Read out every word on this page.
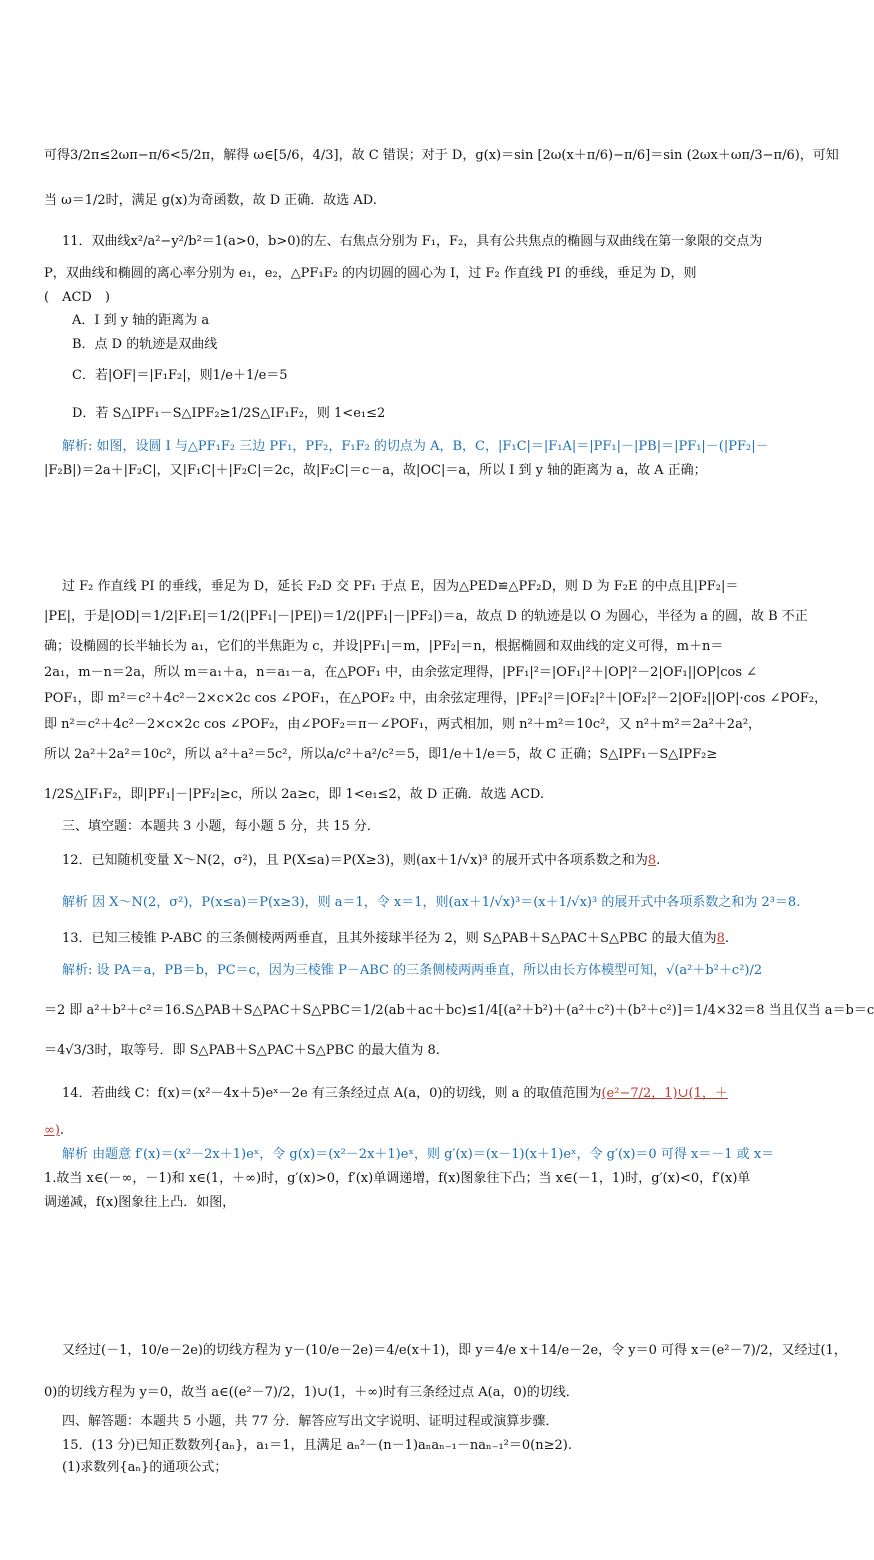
可得3/2π≤2ωπ−π/6<5/2π，解得 ω∈[5/6，4/3]，故 C 错误；对于 D，g(x)＝sin [2ω(x＋π/6)−π/6]＝sin (2ωx＋ωπ/3−π/6)，可知
当 ω＝1/2时，满足 g(x)为奇函数，故 D 正确．故选 AD.
11．双曲线x²/a²−y²/b²＝1(a>0，b>0)的左、右焦点分别为 F₁，F₂，具有公共焦点的椭圆与双曲线在第一象限的交点为
P，双曲线和椭圆的离心率分别为 e₁，e₂，△PF₁F₂ 的内切圆的圆心为 I，过 F₂ 作直线 PI 的垂线，垂足为 D，则
(　ACD　)
A．I 到 y 轴的距离为 a
B．点 D 的轨迹是双曲线
C．若|OF|＝|F₁F₂|，则1/e＋1/e＝5
D．若 S△IPF₁－S△IPF₂≥1/2S△IF₁F₂，则 1<e₁≤2
解析: 如图，设圆 I 与△PF₁F₂ 三边 PF₁，PF₂，F₁F₂ 的切点为 A，B，C，|F₁C|＝|F₁A|＝|PF₁|－|PB|＝|PF₁|－(|PF₂|－
|F₂B|)＝2a＋|F₂C|，又|F₁C|＋|F₂C|＝2c，故|F₂C|＝c－a，故|OC|＝a，所以 I 到 y 轴的距离为 a，故 A 正确；
过 F₂ 作直线 PI 的垂线，垂足为 D，延长 F₂D 交 PF₁ 于点 E，因为△PED≌△PF₂D，则 D 为 F₂E 的中点且|PF₂|＝
|PE|，于是|OD|＝1/2|F₁E|＝1/2(|PF₁|－|PE|)＝1/2(|PF₁|－|PF₂|)＝a，故点 D 的轨迹是以 O 为圆心，半径为 a 的圆，故 B 不正
确；设椭圆的长半轴长为 a₁，它们的半焦距为 c，并设|PF₁|＝m，|PF₂|＝n，根据椭圆和双曲线的定义可得，m＋n＝
2a₁，m－n＝2a，所以 m＝a₁＋a，n＝a₁－a，在△POF₁ 中，由余弦定理得，|PF₁|²＝|OF₁|²＋|OP|²－2|OF₁||OP|cos ∠
POF₁，即 m²＝c²＋4c²－2×c×2c cos ∠POF₁，在△POF₂ 中，由余弦定理得，|PF₂|²＝|OF₂|²＋|OF₂|²－2|OF₂||OP|·cos ∠POF₂，
即 n²＝c²＋4c²－2×c×2c cos ∠POF₂，由∠POF₂＝π－∠POF₁，两式相加，则 n²＋m²＝10c²，又 n²＋m²＝2a²＋2a²，
所以 2a²＋2a²＝10c²，所以 a²＋a²＝5c²，所以a/c²＋a²/c²＝5，即1/e＋1/e＝5，故 C 正确；S△IPF₁－S△IPF₂≥
1/2S△IF₁F₂，即|PF₁|－|PF₂|≥c，所以 2a≥c，即 1<e₁≤2，故 D 正确．故选 ACD.
三、填空题：本题共 3 小题，每小题 5 分，共 15 分．
12．已知随机变量 X～N(2，σ²)，且 P(X≤a)＝P(X≥3)，则(ax＋1/√x)³ 的展开式中各项系数之和为8.
解析 因 X～N(2，σ²)，P(x≤a)＝P(x≥3)，则 a＝1，令 x＝1，则(ax＋1/√x)³＝(x＋1/√x)³ 的展开式中各项系数之和为 2³＝8.
13．已知三棱锥 P-ABC 的三条侧棱两两垂直，且其外接球半径为 2，则 S△PAB＋S△PAC＋S△PBC 的最大值为8.
解析: 设 PA＝a，PB＝b，PC＝c，因为三棱锥 P－ABC 的三条侧棱两两垂直，所以由长方体模型可知，√(a²＋b²＋c²)/2
＝2 即 a²＋b²＋c²＝16.S△PAB＋S△PAC＋S△PBC＝1/2(ab＋ac＋bc)≤1/4[(a²＋b²)＋(a²＋c²)＋(b²＋c²)]＝1/4×32＝8 当且仅当 a＝b＝c
＝4√3/3时，取等号．即 S△PAB＋S△PAC＋S△PBC 的最大值为 8.
14．若曲线 C：f(x)＝(x²－4x＋5)eˣ－2e 有三条经过点 A(a，0)的切线，则 a 的取值范围为(e²−7/2，1)∪(1，＋
∞).
解析 由题意 f′(x)＝(x²－2x＋1)eˣ，令 g(x)＝(x²－2x＋1)eˣ，则 g′(x)＝(x－1)(x＋1)eˣ，令 g′(x)＝0 可得 x＝－1 或 x＝
1.故当 x∈(－∞，－1)和 x∈(1，＋∞)时，g′(x)>0，f′(x)单调递增，f(x)图象往下凸；当 x∈(－1，1)时，g′(x)<0，f′(x)单
调递减，f(x)图象往上凸．如图，
又经过(－1，10/e－2e)的切线方程为 y－(10/e－2e)＝4/e(x＋1)，即 y＝4/e x＋14/e－2e，令 y＝0 可得 x＝(e²－7)/2，又经过(1，
0)的切线方程为 y＝0，故当 a∈((e²－7)/2，1)∪(1，＋∞)时有三条经过点 A(a，0)的切线．
四、解答题：本题共 5 小题，共 77 分．解答应写出文字说明、证明过程或演算步骤．
15．(13 分)已知正数数列{aₙ}，a₁＝1，且满足 aₙ²－(n－1)aₙaₙ₋₁－naₙ₋₁²＝0(n≥2).
(1)求数列{aₙ}的通项公式；
